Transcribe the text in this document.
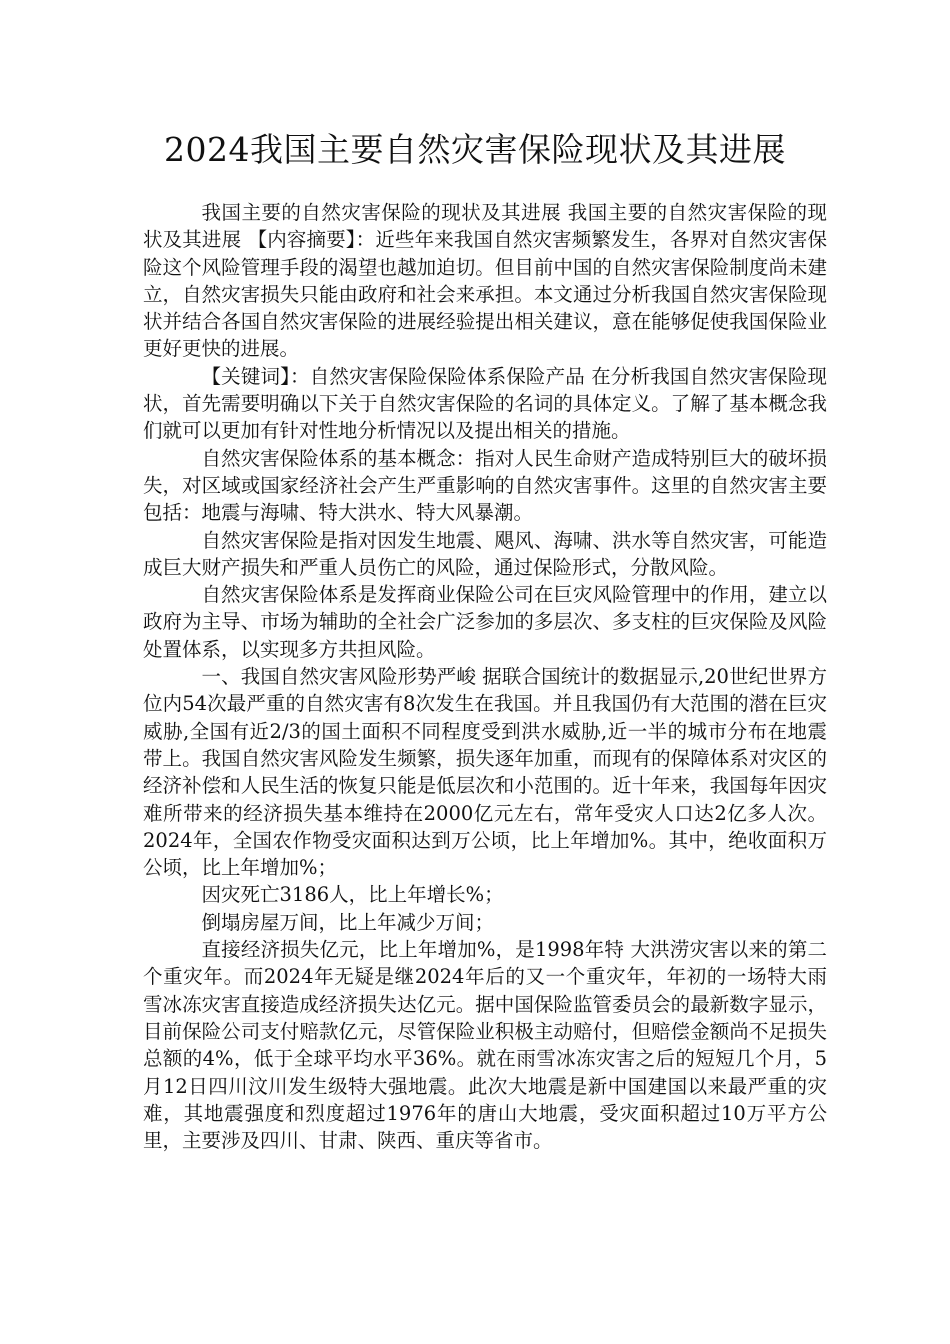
2024我国主要自然灾害保险现状及其进展

我国主要的自然灾害保险的现状及其进展 我国主要的自然灾害保险的现状及其进展 【内容摘要】：近些年来我国自然灾害频繁发生，各界对自然灾害保险这个风险管理手段的渴望也越加迫切。但目前中国的自然灾害保险制度尚未建立，自然灾害损失只能由政府和社会来承担。本文通过分析我国自然灾害保险现状并结合各国自然灾害保险的进展经验提出相关建议，意在能够促使我国保险业更好更快的进展。

【关键词】：自然灾害保险保险体系保险产品 在分析我国自然灾害保险现状，首先需要明确以下关于自然灾害保险的名词的具体定义。了解了基本概念我们就可以更加有针对性地分析情况以及提出相关的措施。

自然灾害保险体系的基本概念：指对人民生命财产造成特别巨大的破坏损失，对区域或国家经济社会产生严重影响的自然灾害事件。这里的自然灾害主要包括：地震与海啸、特大洪水、特大风暴潮。

自然灾害保险是指对因发生地震、飓风、海啸、洪水等自然灾害，可能造成巨大财产损失和严重人员伤亡的风险，通过保险形式，分散风险。

自然灾害保险体系是发挥商业保险公司在巨灾风险管理中的作用，建立以政府为主导、市场为辅助的全社会广泛参加的多层次、多支柱的巨灾保险及风险处置体系，以实现多方共担风险。

一、我国自然灾害风险形势严峻 据联合国统计的数据显示,20世纪世界方位内54次最严重的自然灾害有8次发生在我国。并且我国仍有大范围的潜在巨灾威胁,全国有近2/3的国土面积不同程度受到洪水威胁,近一半的城市分布在地震带上。我国自然灾害风险发生频繁，损失逐年加重，而现有的保障体系对灾区的经济补偿和人民生活的恢复只能是低层次和小范围的。近十年来，我国每年因灾难所带来的经济损失基本维持在2000亿元左右，常年受灾人口达2亿多人次。2024年，全国农作物受灾面积达到万公顷，比上年增加%。其中，绝收面积万公顷，比上年增加%；

因灾死亡3186人，比上年增长%；

倒塌房屋万间，比上年减少万间；

直接经济损失亿元，比上年增加%，是1998年特 大洪涝灾害以来的第二个重灾年。而2024年无疑是继2024年后的又一个重灾年，年初的一场特大雨雪冰冻灾害直接造成经济损失达亿元。据中国保险监管委员会的最新数字显示，目前保险公司支付赔款亿元，尽管保险业积极主动赔付，但赔偿金额尚不足损失总额的4%，低于全球平均水平36%。就在雨雪冰冻灾害之后的短短几个月，5月12日四川汶川发生级特大强地震。此次大地震是新中国建国以来最严重的灾难，其地震强度和烈度超过1976年的唐山大地震，受灾面积超过10万平方公里，主要涉及四川、甘肃、陕西、重庆等省市。
